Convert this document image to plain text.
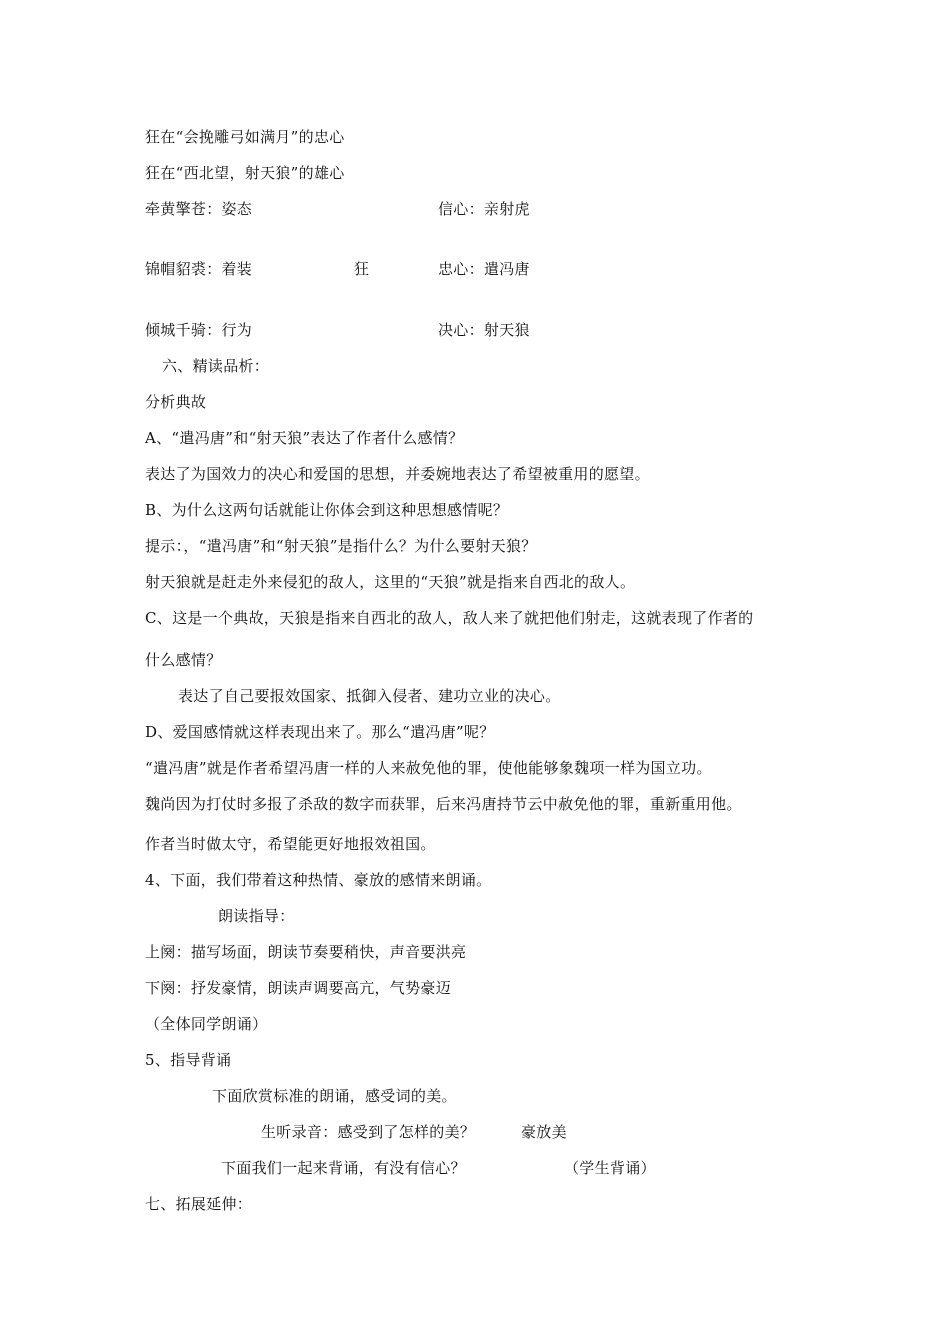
狂在“会挽雕弓如满月”的忠心
狂在“西北望，射天狼”的雄心
牵黄擎苍：姿态	信心：亲射虎
锦帽貂裘：着装	狂	忠心：遣冯唐
倾城千骑：行为	决心：射天狼
六、精读品析：
分析典故
A、“遣冯唐”和“射天狼”表达了作者什么感情？
表达了为国效力的决心和爱国的思想，并委婉地表达了希望被重用的愿望。
B、为什么这两句话就能让你体会到这种思想感情呢？
提示：，“遣冯唐”和“射天狼”是指什么？为什么要射天狼？
射天狼就是赶走外来侵犯的敌人，这里的“天狼”就是指来自西北的敌人。
C、这是一个典故，天狼是指来自西北的敌人，敌人来了就把他们射走，这就表现了作者的
什么感情？
表达了自己要报效国家、抵御入侵者、建功立业的决心。
D、爱国感情就这样表现出来了。那么“遣冯唐”呢？
“遣冯唐”就是作者希望冯唐一样的人来赦免他的罪，使他能够象魏项一样为国立功。
魏尚因为打仗时多报了杀敌的数字而获罪，后来冯唐持节云中赦免他的罪，重新重用他。
作者当时做太守，希望能更好地报效祖国。
4、下面，我们带着这种热情、豪放的感情来朗诵。
朗读指导：
上阕：描写场面，朗读节奏要稍快，声音要洪亮
下阕：抒发豪情，朗读声调要高亢，气势豪迈
（全体同学朗诵）
5、指导背诵
下面欣赏标准的朗诵，感受词的美。
生听录音：感受到了怎样的美？	豪放美
下面我们一起来背诵，有没有信心？	（学生背诵）
七、拓展延伸：
